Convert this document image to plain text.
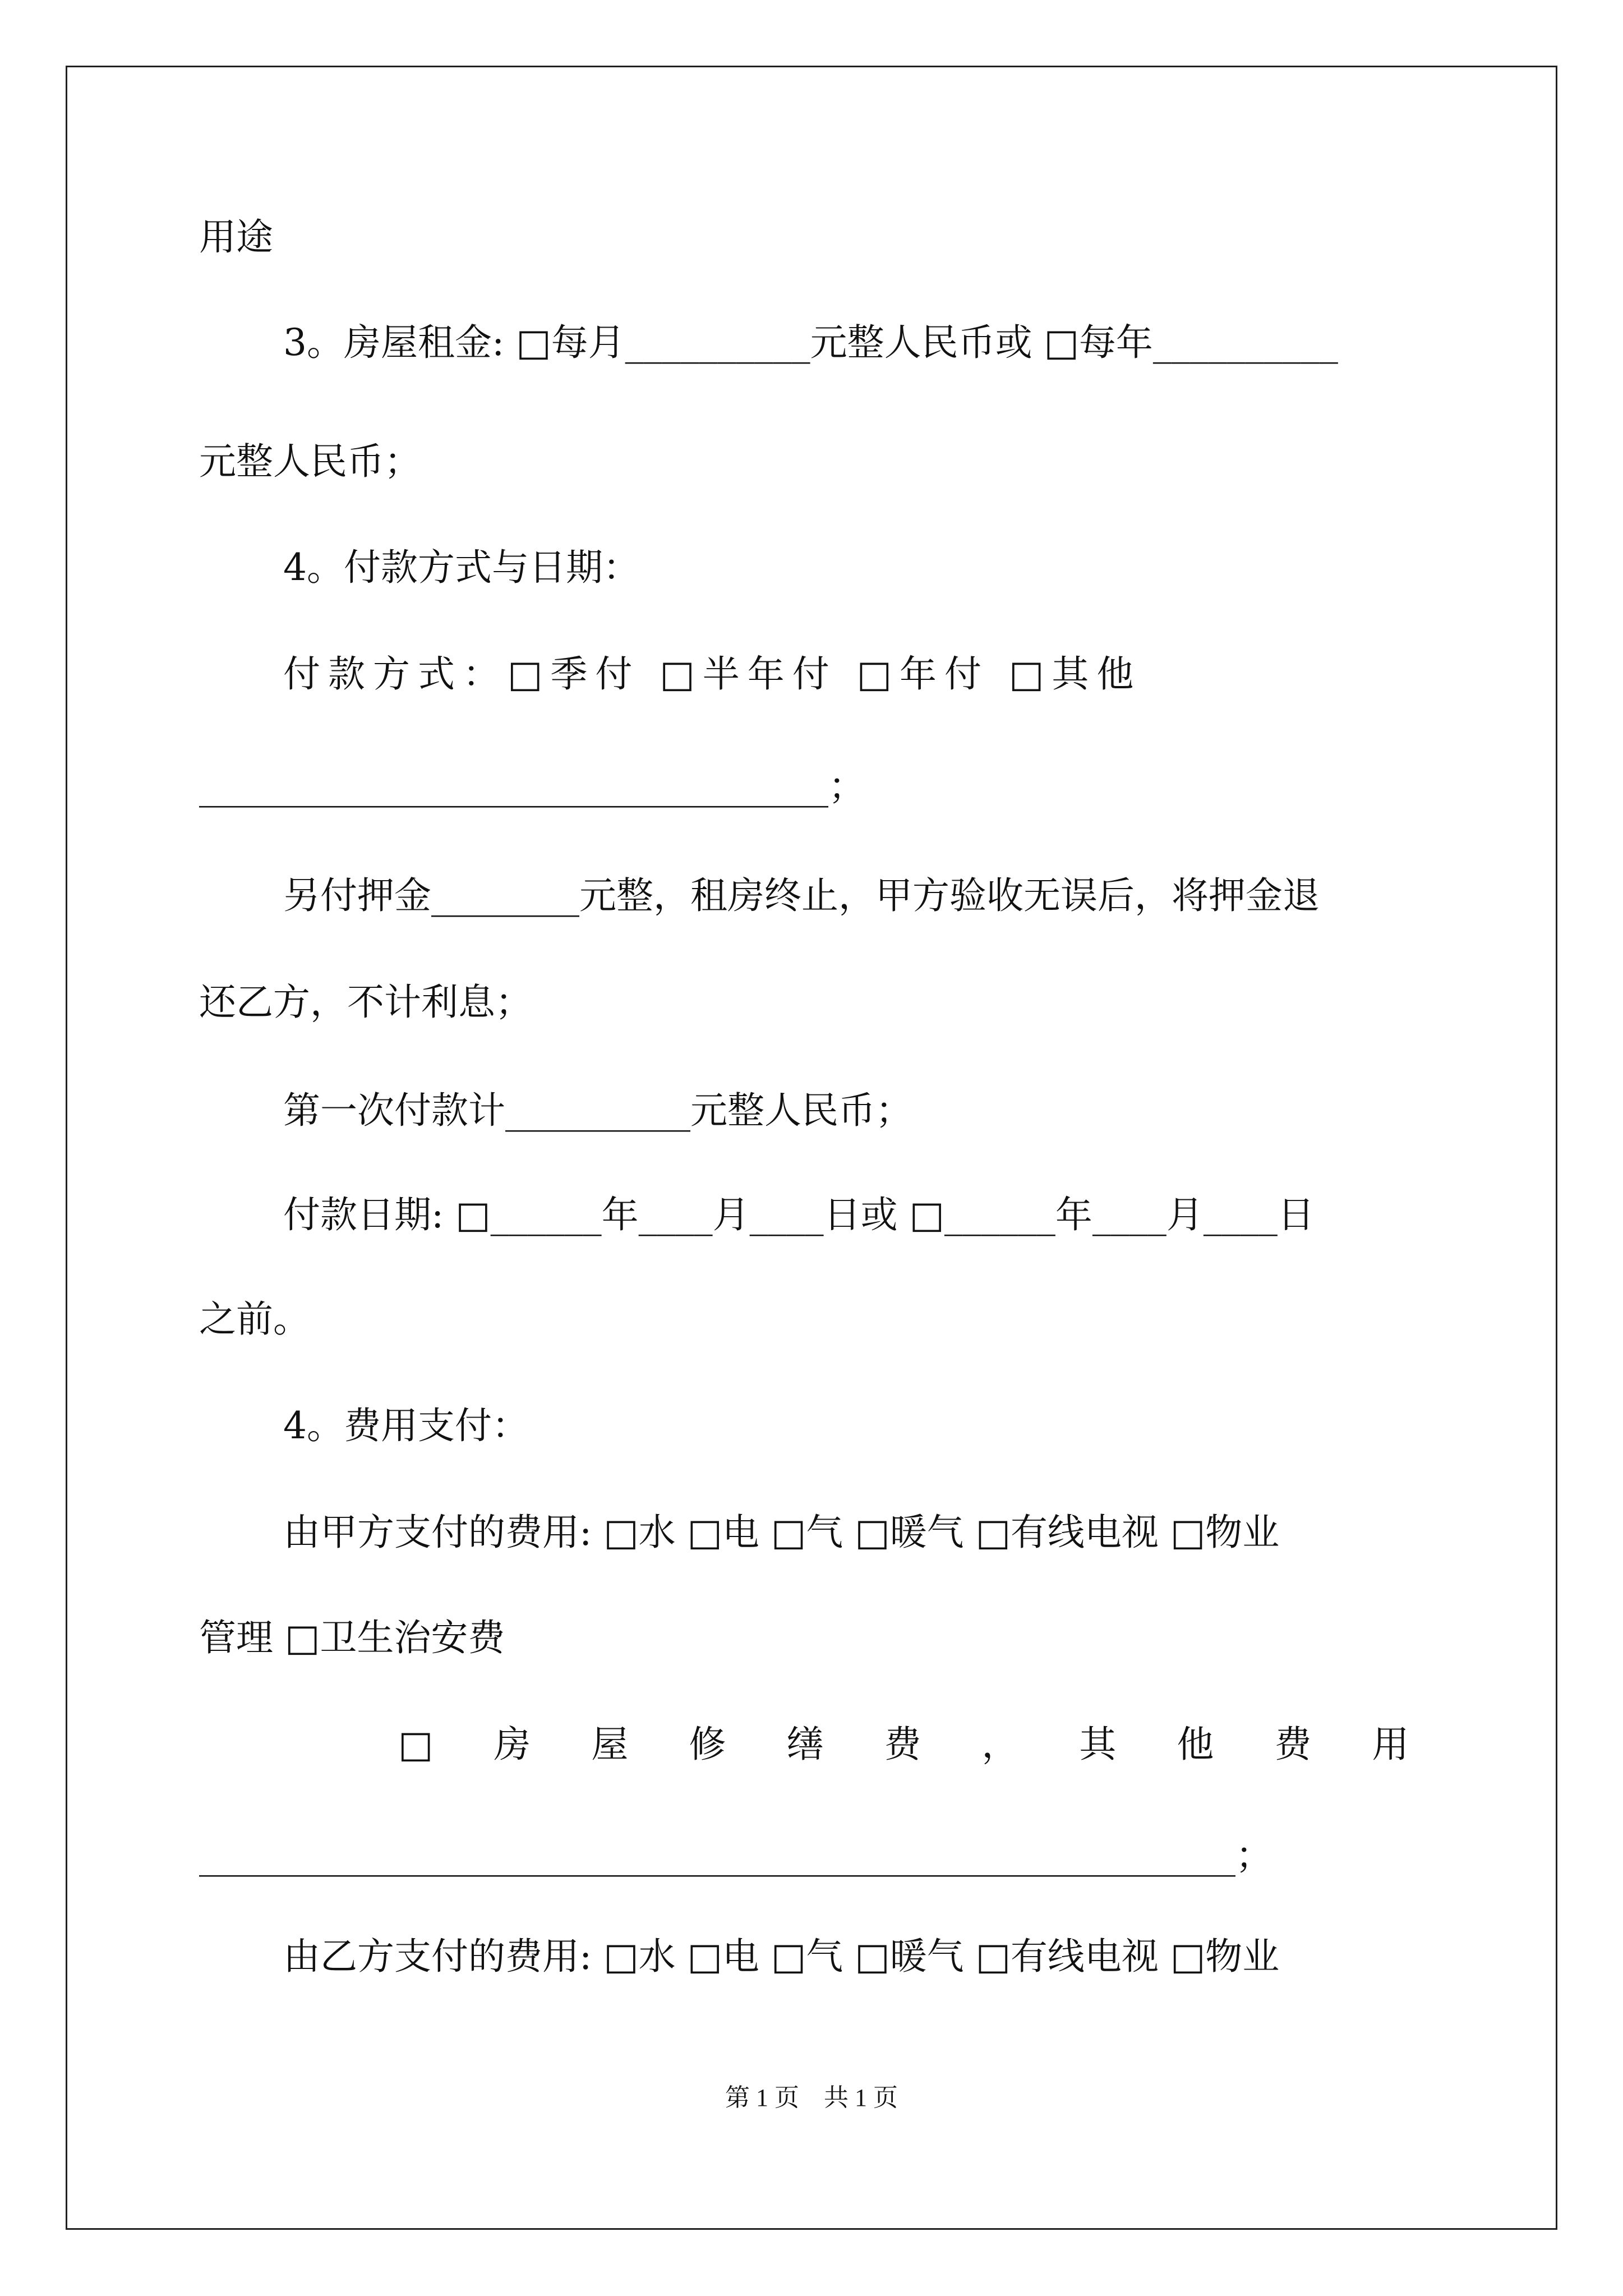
用途
3。房屋租金: □每月__________元整人民币或 □每年__________
元整人民币；
4。付款方式与日期：
付款方式：□季付 □半年付 □年付 □其他
__________________________________；
另付押金________元整，租房终止，甲方验收无误后，将押金退
还乙方，不计利息；
第一次付款计__________元整人民币；
付款日期: □______年____月____日或 □______年____月____日
之前。
4。费用支付：
由甲方支付的费用: □水 □电 □气 □暖气 □有线电视 □物业
管理 □卫生治安费
□房屋修缮费，其他费用
________________________________________________________；
由乙方支付的费用: □水 □电 □气 □暖气 □有线电视 □物业
第 1 页　共 1 页
